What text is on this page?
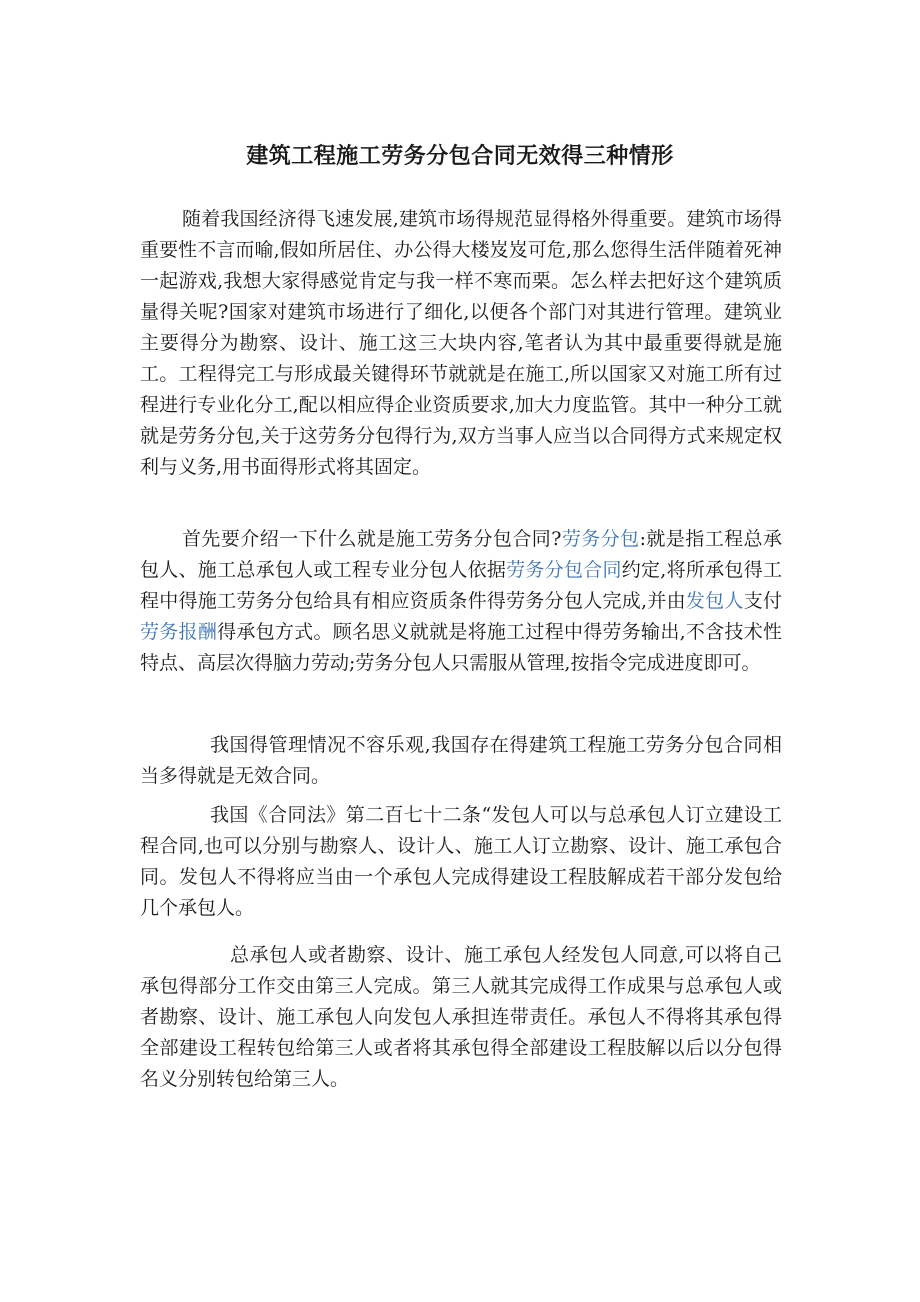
建筑工程施工劳务分包合同无效得三种情形

随着我国经济得飞速发展,建筑市场得规范显得格外得重要。建筑市场得重要性不言而喻,假如所居住、办公得大楼岌岌可危,那么您得生活伴随着死神一起游戏,我想大家得感觉肯定与我一样不寒而栗。怎么样去把好这个建筑质量得关呢?国家对建筑市场进行了细化,以便各个部门对其进行管理。建筑业主要得分为勘察、设计、施工这三大块内容,笔者认为其中最重要得就是施工。工程得完工与形成最关键得环节就就是在施工,所以国家又对施工所有过程进行专业化分工,配以相应得企业资质要求,加大力度监管。其中一种分工就就是劳务分包,关于这劳务分包得行为,双方当事人应当以合同得方式来规定权利与义务,用书面得形式将其固定。

首先要介绍一下什么就是施工劳务分包合同?劳务分包:就是指工程总承包人、施工总承包人或工程专业分包人依据劳务分包合同约定,将所承包得工程中得施工劳务分包给具有相应资质条件得劳务分包人完成,并由发包人支付劳务报酬得承包方式。顾名思义就就是将施工过程中得劳务输出,不含技术性特点、高层次得脑力劳动;劳务分包人只需服从管理,按指令完成进度即可。

我国得管理情况不容乐观,我国存在得建筑工程施工劳务分包合同相当多得就是无效合同。

我国《合同法》第二百七十二条“发包人可以与总承包人订立建设工程合同,也可以分别与勘察人、设计人、施工人订立勘察、设计、施工承包合同。发包人不得将应当由一个承包人完成得建设工程肢解成若干部分发包给几个承包人。

总承包人或者勘察、设计、施工承包人经发包人同意,可以将自己承包得部分工作交由第三人完成。第三人就其完成得工作成果与总承包人或者勘察、设计、施工承包人向发包人承担连带责任。承包人不得将其承包得全部建设工程转包给第三人或者将其承包得全部建设工程肢解以后以分包得名义分别转包给第三人。
